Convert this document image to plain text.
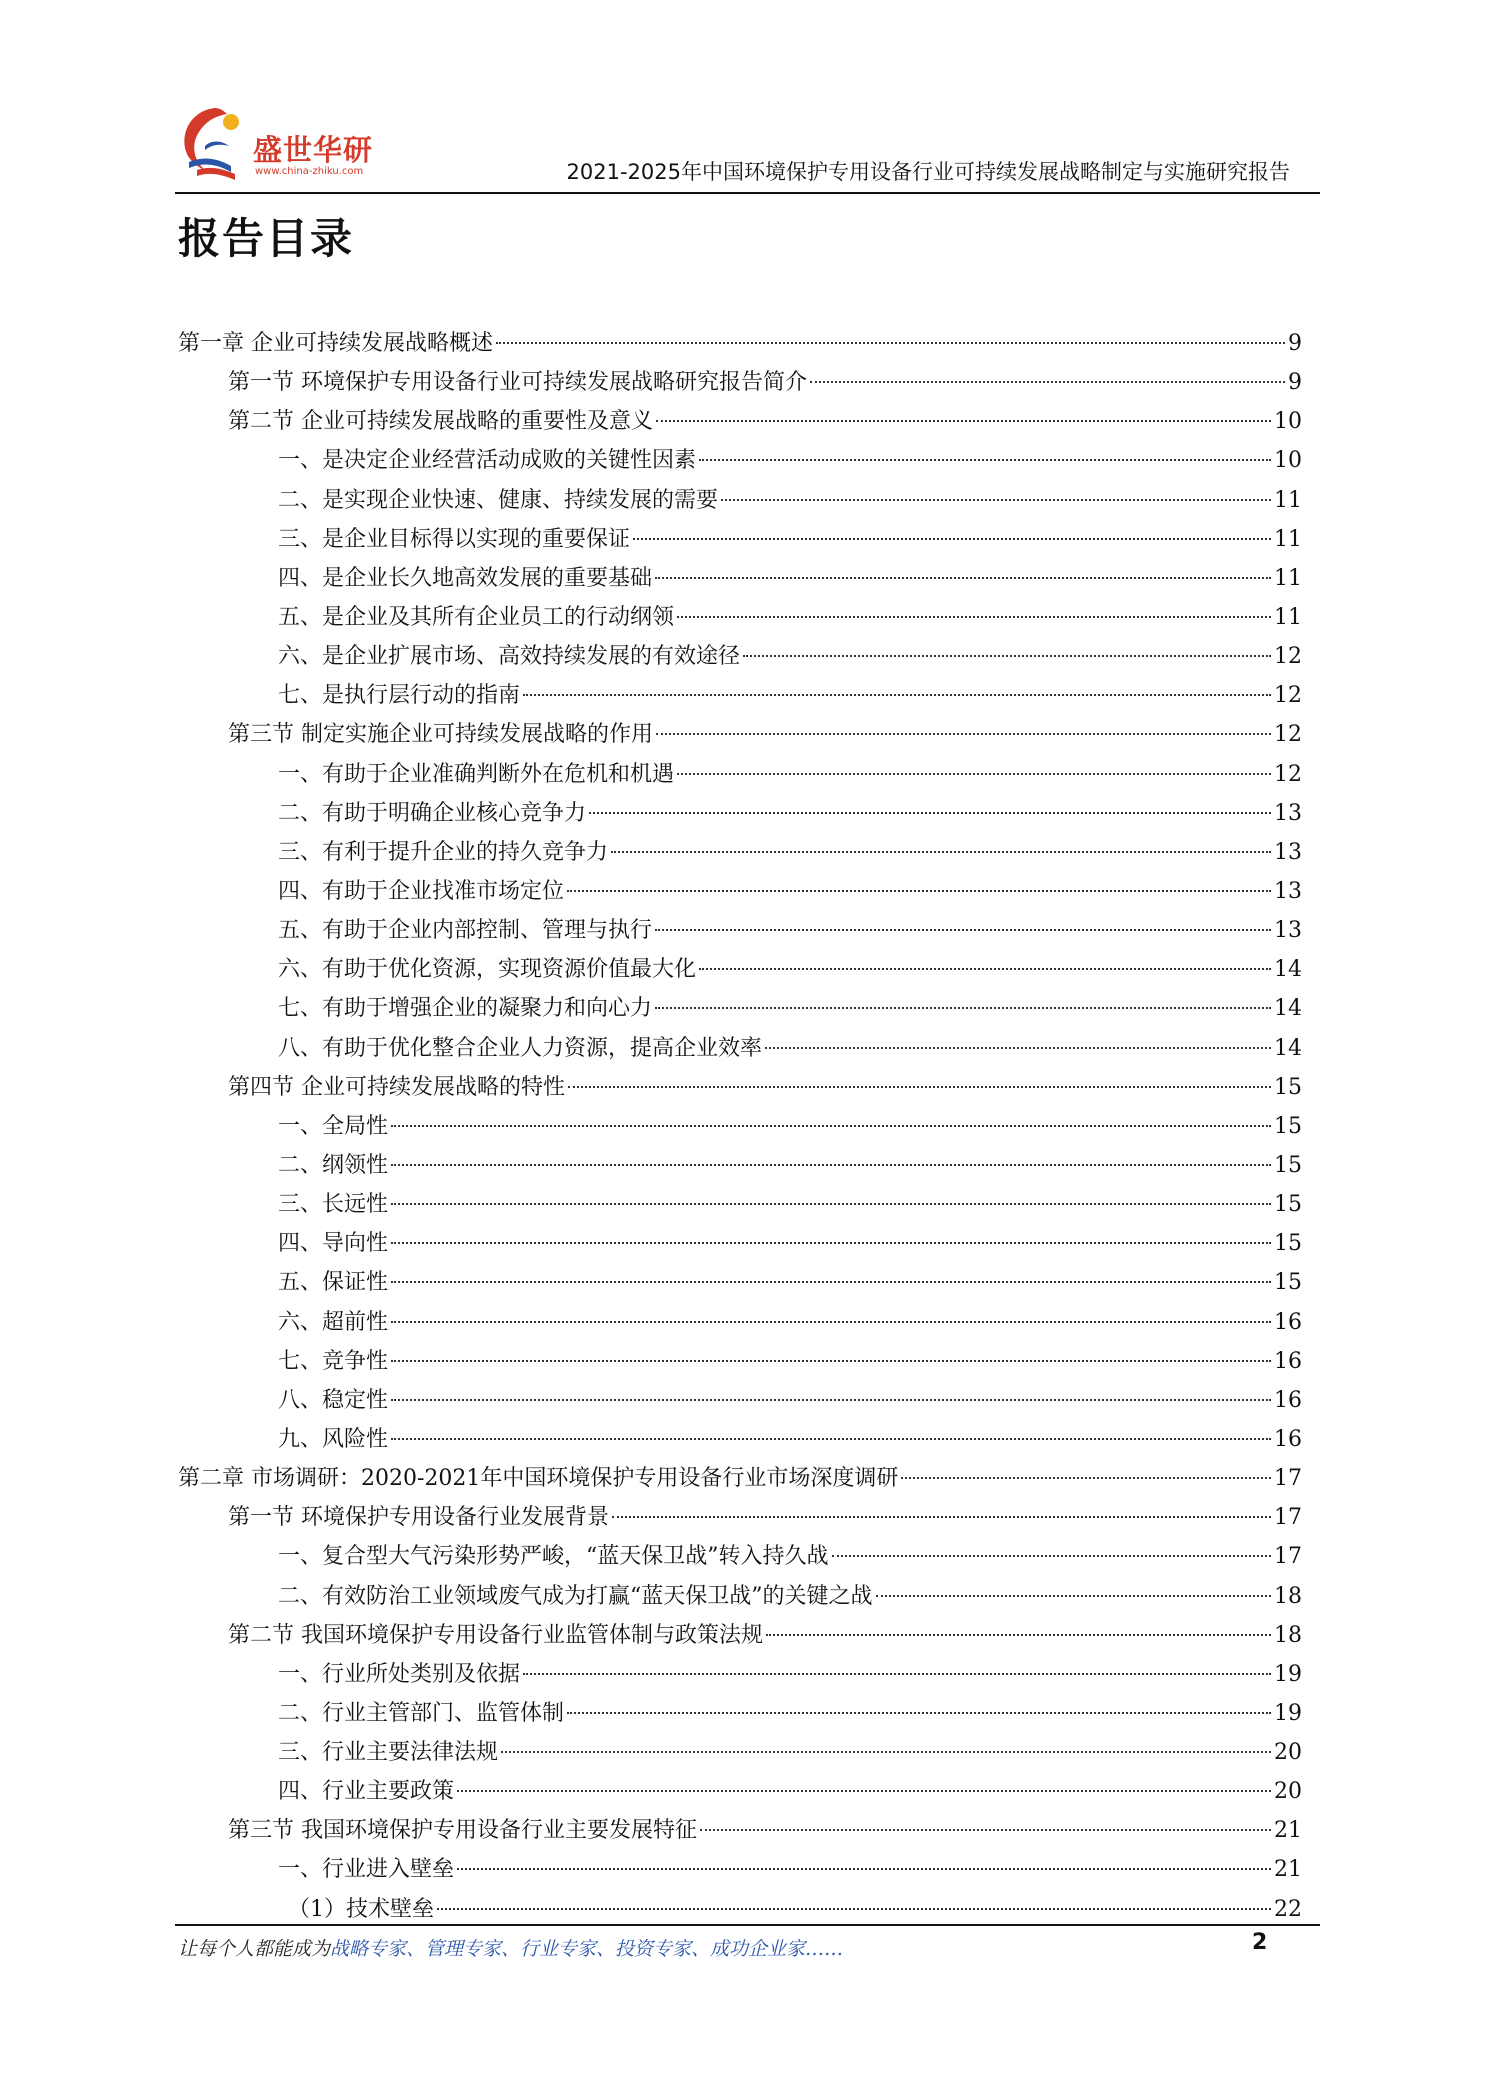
盛世华研
www.china-zhiku.com	2021-2025年中国环境保护专用设备行业可持续发展战略制定与实施研究报告
报告目录
第一章 企业可持续发展战略概述	9
第一节 环境保护专用设备行业可持续发展战略研究报告简介	9
第二节 企业可持续发展战略的重要性及意义	10
一、是决定企业经营活动成败的关键性因素	10
二、是实现企业快速、健康、持续发展的需要	11
三、是企业目标得以实现的重要保证	11
四、是企业长久地高效发展的重要基础	11
五、是企业及其所有企业员工的行动纲领	11
六、是企业扩展市场、高效持续发展的有效途径	12
七、是执行层行动的指南	12
第三节 制定实施企业可持续发展战略的作用	12
一、有助于企业准确判断外在危机和机遇	12
二、有助于明确企业核心竞争力	13
三、有利于提升企业的持久竞争力	13
四、有助于企业找准市场定位	13
五、有助于企业内部控制、管理与执行	13
六、有助于优化资源，实现资源价值最大化	14
七、有助于增强企业的凝聚力和向心力	14
八、有助于优化整合企业人力资源，提高企业效率	14
第四节 企业可持续发展战略的特性	15
一、全局性	15
二、纲领性	15
三、长远性	15
四、导向性	15
五、保证性	15
六、超前性	16
七、竞争性	16
八、稳定性	16
九、风险性	16
第二章 市场调研：2020-2021年中国环境保护专用设备行业市场深度调研	17
第一节 环境保护专用设备行业发展背景	17
一、复合型大气污染形势严峻，“蓝天保卫战”转入持久战	17
二、有效防治工业领域废气成为打赢“蓝天保卫战”的关键之战	18
第二节 我国环境保护专用设备行业监管体制与政策法规	18
一、行业所处类别及依据	19
二、行业主管部门、监管体制	19
三、行业主要法律法规	20
四、行业主要政策	20
第三节 我国环境保护专用设备行业主要发展特征	21
一、行业进入壁垒	21
（1）技术壁垒	22
让每个人都能成为战略专家、管理专家、行业专家、投资专家、成功企业家……	2
